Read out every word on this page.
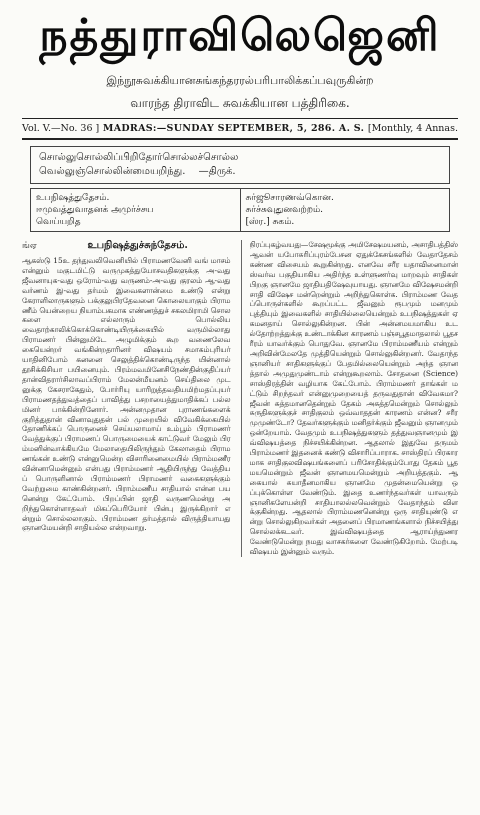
நத்துராவிலெஜெனி
இந்நூசுவக்கியானசுங்கந்தரரல்பரிபாலிக்கப்பவுருகின்ற
வாரந்த திராவிட சுவக்கியான பத்திரிகை.
Vol. V.—No. 36 ] MADRAS:—SUNDAY SEPTEMBER, 5, 286. A. S. [Monthly, 4 Annas.
சொல்லுசொல்லிப்பிறிதோர்சொல்லச்சொல்ல
வெல்லுஞ்சொல்லின்மையறிந்து. —திருக்.
உபநிஷத்துதேசம்.
ஈமுவத்துவாதனக் அமுர்ச்சய
வெய்யறித
சுர்ஜூசாரணவ்கொன.
சுர்ச்சுவுதுனவற்றம்.
[ஸ்ர.] சுகம்.
ங்ஏ	உபநிஷத்துச்சுந்தேசம்.

ஆகஸ்டு 15உ தந்துவலிவெனியில் பிராமணவேனி வங் மாசம் என்னும் மகுடமிட்டு வருமுகத்துயோசவதிகளுக்கு அ-வது ஜீவனாயுக-வது ஒரோம்-வது வருணம்-அ-வது குரலம் ஆ-வது வர்ணம் இ-வது தர்மம் இவைகளான்மை உண்டு என்று கேராளிலாருகளும் பக்குலுபிரதேவனை கொலையாகும் பிராமணீம் யென்றைய நியாம்பகமாக எண்ணத்துச் சகலமிராமி சொலகளை எல்லாரும் பொல்லியவைதாற்காலிக்கொக்கொண்டியிருக்கையில் வருமில்லாது பிராமணர் பின்னுமிடே அழுமிக்கும் கூற வணைலேவகையென்றர் வங்கின்றதாரினர் விஷயம் சமாகம்புரியர் யாதினிபோம் கனனை செலுத்திக்கொண்டிருந்த யின்னால் தூசிக்கிசியா பயினையும். பிரம்மவமினேசிநேண்தின்குதிப்யர் தான்விதரார்சிலாவப்பிராம் மேலன்மீயனம் செய்திலை முடனுக்கு கேசராகேதும், போர்ரியு யாரிறுத்தவதியமிற்மதப்புயர் பிராமணதத்துவத்தைப் பாவித்து பசறாயைத்துமாதிக்கப் பல்லமினர் பாக்கின்றினோர். அன்னமுதான புராணங்களைக் குறித்துதான் வினாவுதுதன் பல் முறையில் விவேகிக்கையில் தோணிக்கப் பொருனைச் செய்யலாமாய் உம்பூம் பிராமணர் வேத்துக்குப் பிராமணப் பொருமையைக் காட்டுவர் மேலும் பிரம்மனின்வாக்கியமே மேலாதையிலிருந்தும் கேலாதைம் பிராமணங்கன் உண்டு என்னுமென்ற விசாரினைமையில் பிராம்மணீரவின்னாமென்னும் என்பது பிராம்மணர் ஆதியிருந்து வேத்தியப் பொருளினால் பிராம்மணர் பிராமணர் வகைகளுக்கும் வேற்றுமை காண்கின்றனர். பிராம்மணீய சாதியால் என்ன பயனென்று கேட்போம். பிறப்பின் ஜாதி வருணமென்று அறிந்துகொள்ளாதவர் மிகப்பெரியோர் பின்பு இருக்கிறார் என்றும் சொல்லலாகும். பிராம்மண தர்மத்தால் விருத்தியாயது ஞானமேயன்றி சாதியல்ல என்றவாறு.

நிரப்புகழ்வயது—சேஷமூக்கு அமிசேஷமயனம், அசாதிபத்திஸ் ஆவன் யபோசுரிப்புரம்பேசன ஏதுக்கேசங்களில் வேதாதேசம் கண்ண விசையம் கூறுகின்றது. எனவே சரீர யதாவினைமான் ஸ்வர்வ பகுதியாகிய அதிர்ந்த உள்ளுணர்வு மாறவும் சாதிகள் பிறகு ஞானமே ஜாதியதிஷேவுயாயது. ஞானமே விஷேசமன்றி சாதி விஷேச மன்றென்றும் அறிந்துகொள்க. பிராம்மண வேதப்பொருள்களில் கூறப்பட்ட ஜீவனும் ரூபமும் மனமும் புத்தியும் இவைகளில் சாதியில்லையென்றும் உபநிஷத்துகள் ஏகமனதாய் சொல்லுகின்றன. பின் அன்னமயமாகிய உடல்தோற்றத்துக்கு உண்டாக்கின காரணம் பஞ்சபூதமாதலால் பூதசரீரம் யாவர்க்கும் பொதுவே. ஞானமே பிராம்மணீயம் என்றும் அறிவின்மேலதே முத்தியென்றும் சொல்லுகின்றனர். வேதாந்த ஞானியர் சாதிகளுக்குப் பேதமில்லையென்றும் அந்த ஞானத்தால் அமுதுமுண்டாம் என்றுகூறலாம். சோதனை (Science) சாஸ்திரத்தின் வழியாக கேட்போம். பிராம்மணர் தாங்கள் மட்டும் சிறந்தவர் என்னுமுறையைத் தருவதுதான் விவேகமா? ஜீவன் சுத்தமானதென்றும் தேகம் அசுத்தமென்றும் சொல்லும் சுருதிகளுக்குச் சாதிகுலம் ஒவ்வாததன் காரணம் என்ன? சரீரமுமுண்டோ? தேவர்களுக்கும் மனிதர்க்கும் ஜீவனும் ஞானமும் ஒன்றேயாம். வேதமும் உபநிஷத்துகளும் தத்துவஞானமும் இவ்விஷயத்தை நிச்சயிக்கின்றன. ஆதலால் இதுவே தருமம் பிராம்மணர் இதனைக் கண்டு விசாரிப்பாராக. சாஸ்திரப் பிரகாரமாக சாதிகுலவிஷயங்களைப் பரிசோதிக்கும்போது தேகம் பூதமயமென்றும் ஜீவன் ஞானமயமென்றும் அறியத்தகும். ஆகையால் சுயாதீனமாகிய ஞானமே முதன்மையென்று ஒப்புக்கொள்ள வேண்டும். இதை உணர்ந்தவர்கள் யாவரும் ஞானிகளேயன்றி சாதியாலல்லவென்றும் வேதாந்தம் விளக்குகின்றது. ஆதலால் பிராம்மணனென்று ஒரு சாதியுண்டு என்று சொல்லுகிறவர்கள் அதனைப் பிரமாணங்களால் நிச்சயித்து சொல்லக்கடவர். இவ்விஷயத்தை ஆராய்ந்துணர வேண்டுமென்று நமது வாசகர்களை வேண்டுகிறோம். மேற்படி விஷயம் இன்னும் வரும்.
